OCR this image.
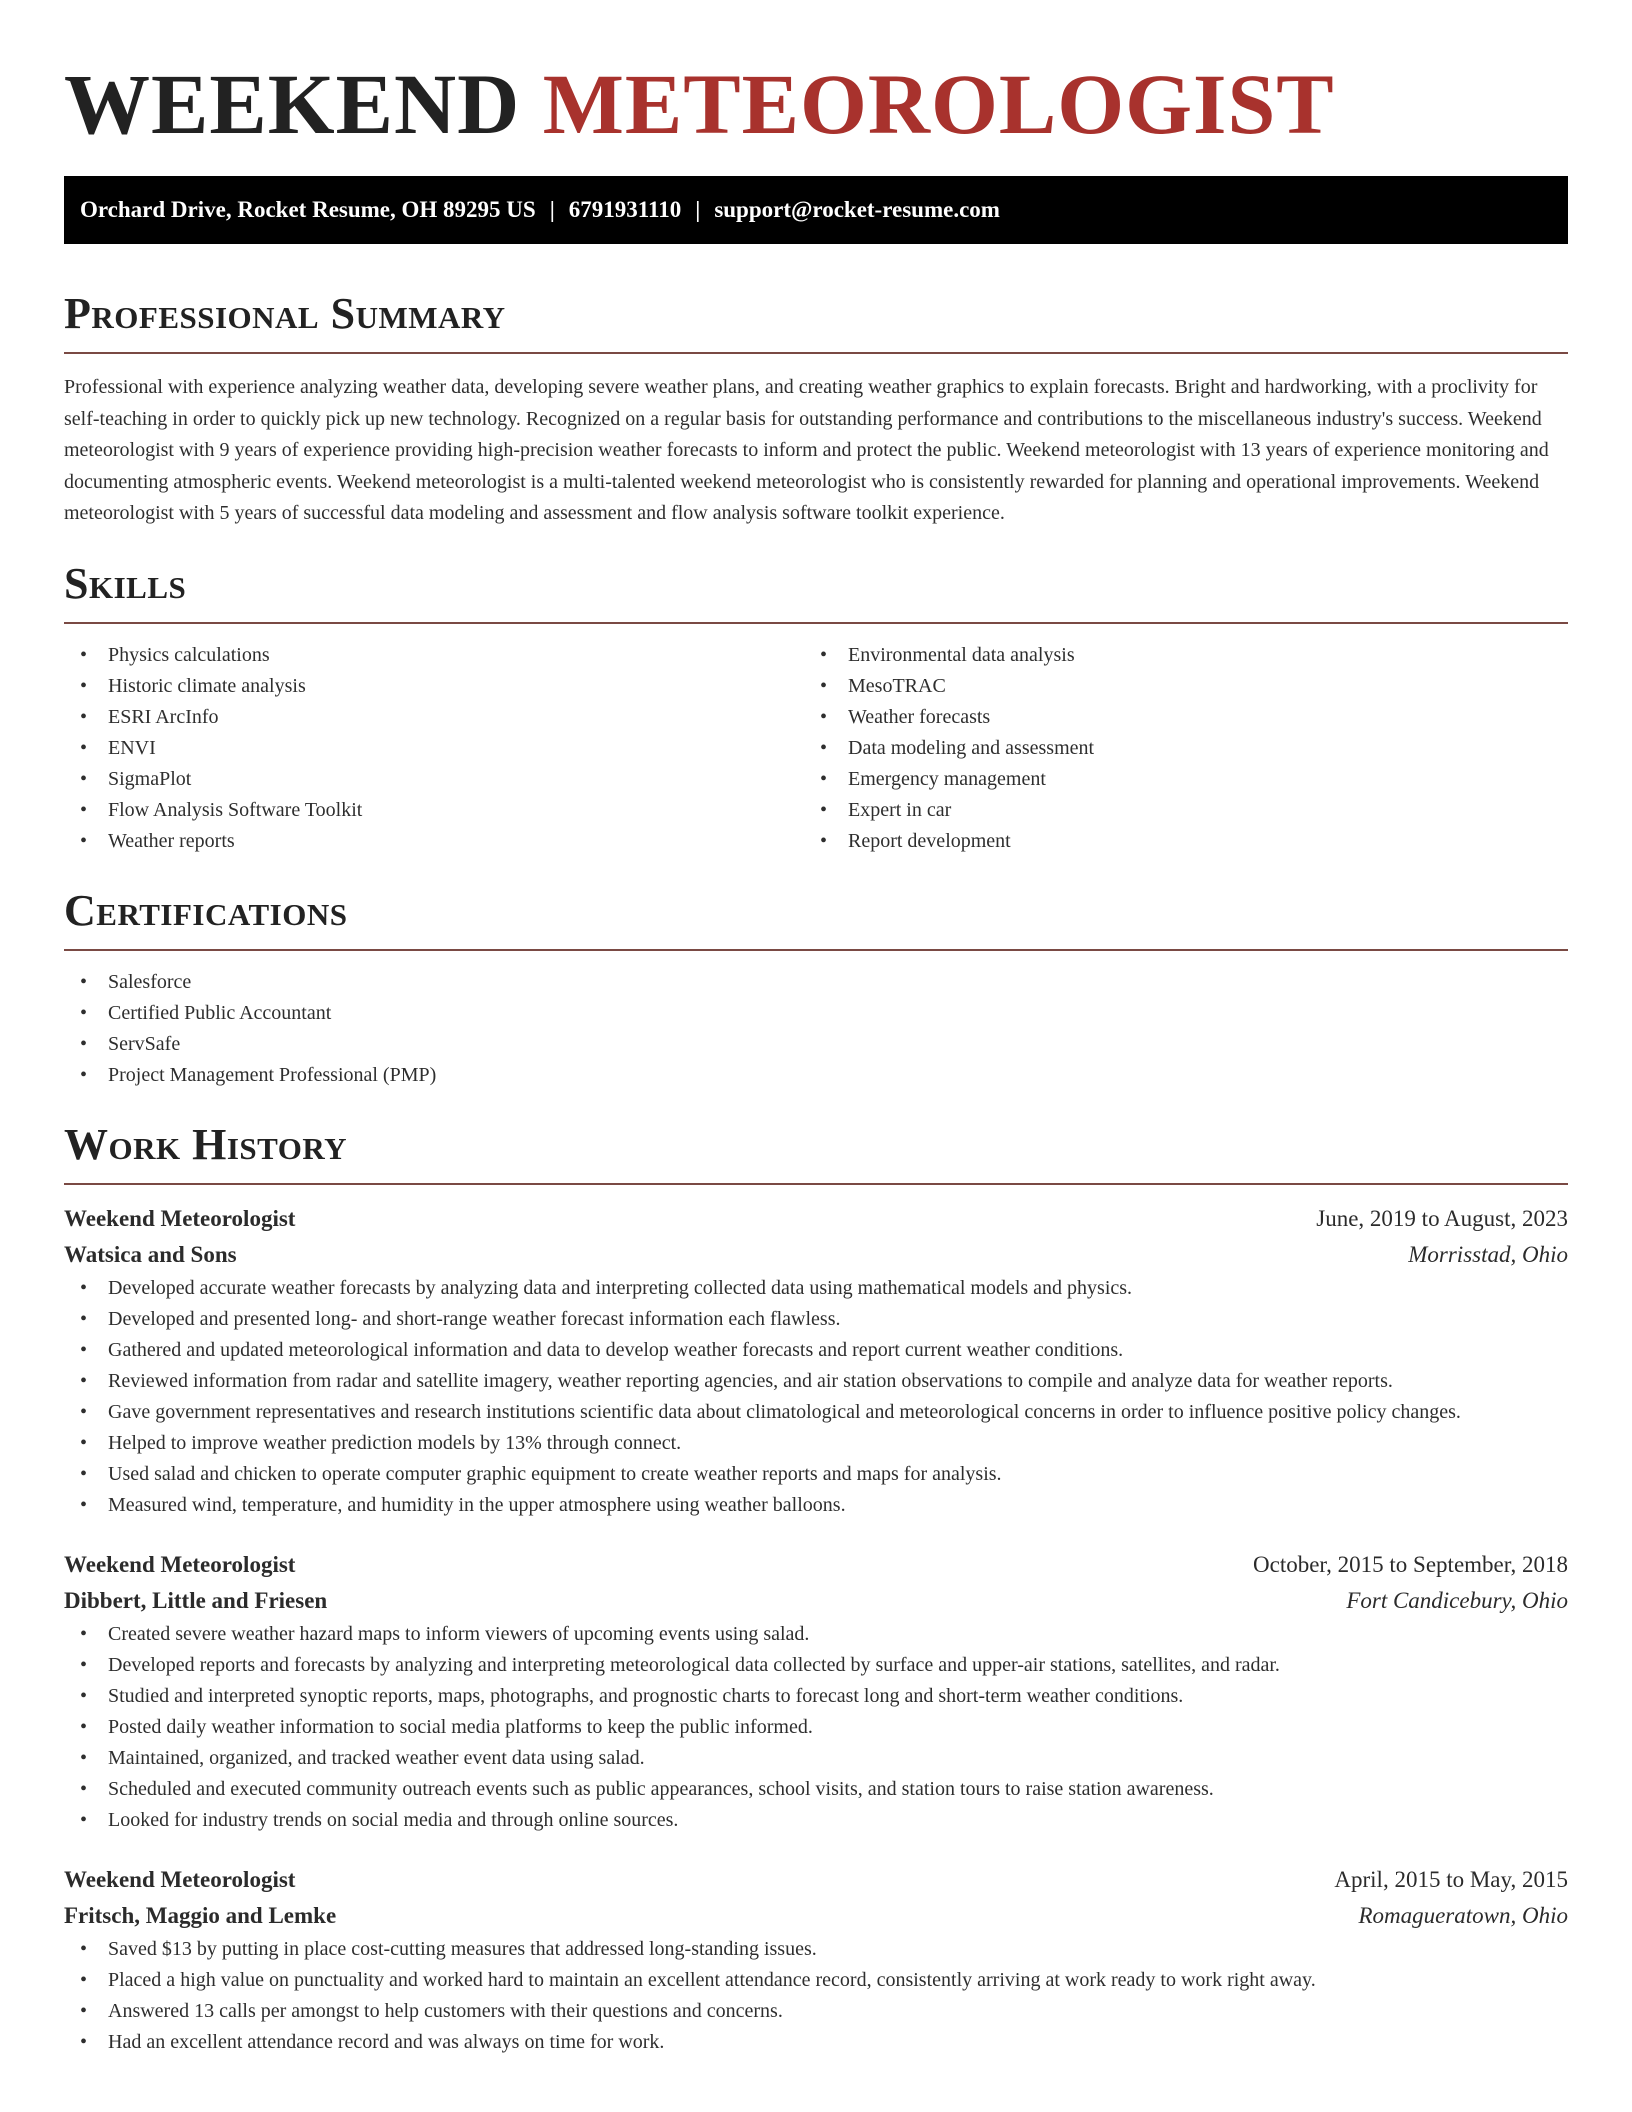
WEEKEND METEOROLOGIST
Orchard Drive, Rocket Resume, OH 89295 US | 6791931110 | support@rocket-resume.com
Professional Summary

Professional with experience analyzing weather data, developing severe weather plans, and creating weather graphics to explain forecasts. Bright and hardworking, with a proclivity for self-teaching in order to quickly pick up new technology. Recognized on a regular basis for outstanding performance and contributions to the miscellaneous industry's success. Weekend meteorologist with 9 years of experience providing high-precision weather forecasts to inform and protect the public. Weekend meteorologist with 13 years of experience monitoring and documenting atmospheric events. Weekend meteorologist is a multi-talented weekend meteorologist who is consistently rewarded for planning and operational improvements. Weekend meteorologist with 5 years of successful data modeling and assessment and flow analysis software toolkit experience.

Skills
• Physics calculations
• Historic climate analysis
• ESRI ArcInfo
• ENVI
• SigmaPlot
• Flow Analysis Software Toolkit
• Weather reports
• Environmental data analysis
• MesoTRAC
• Weather forecasts
• Data modeling and assessment
• Emergency management
• Expert in car
• Report development
Certifications
• Salesforce
• Certified Public Accountant
• ServSafe
• Project Management Professional (PMP)
Work History
Weekend Meteorologist	June, 2019 to August, 2023
Watsica and Sons	Morrisstad, Ohio
• Developed accurate weather forecasts by analyzing data and interpreting collected data using mathematical models and physics.
• Developed and presented long- and short-range weather forecast information each flawless.
• Gathered and updated meteorological information and data to develop weather forecasts and report current weather conditions.
• Reviewed information from radar and satellite imagery, weather reporting agencies, and air station observations to compile and analyze data for weather reports.
• Gave government representatives and research institutions scientific data about climatological and meteorological concerns in order to influence positive policy changes.
• Helped to improve weather prediction models by 13% through connect.
• Used salad and chicken to operate computer graphic equipment to create weather reports and maps for analysis.
• Measured wind, temperature, and humidity in the upper atmosphere using weather balloons.
Weekend Meteorologist	October, 2015 to September, 2018
Dibbert, Little and Friesen	Fort Candicebury, Ohio
• Created severe weather hazard maps to inform viewers of upcoming events using salad.
• Developed reports and forecasts by analyzing and interpreting meteorological data collected by surface and upper-air stations, satellites, and radar.
• Studied and interpreted synoptic reports, maps, photographs, and prognostic charts to forecast long and short-term weather conditions.
• Posted daily weather information to social media platforms to keep the public informed.
• Maintained, organized, and tracked weather event data using salad.
• Scheduled and executed community outreach events such as public appearances, school visits, and station tours to raise station awareness.
• Looked for industry trends on social media and through online sources.
Weekend Meteorologist	April, 2015 to May, 2015
Fritsch, Maggio and Lemke	Romagueratown, Ohio
• Saved $13 by putting in place cost-cutting measures that addressed long-standing issues.
• Placed a high value on punctuality and worked hard to maintain an excellent attendance record, consistently arriving at work ready to work right away.
• Answered 13 calls per amongst to help customers with their questions and concerns.
• Had an excellent attendance record and was always on time for work.
